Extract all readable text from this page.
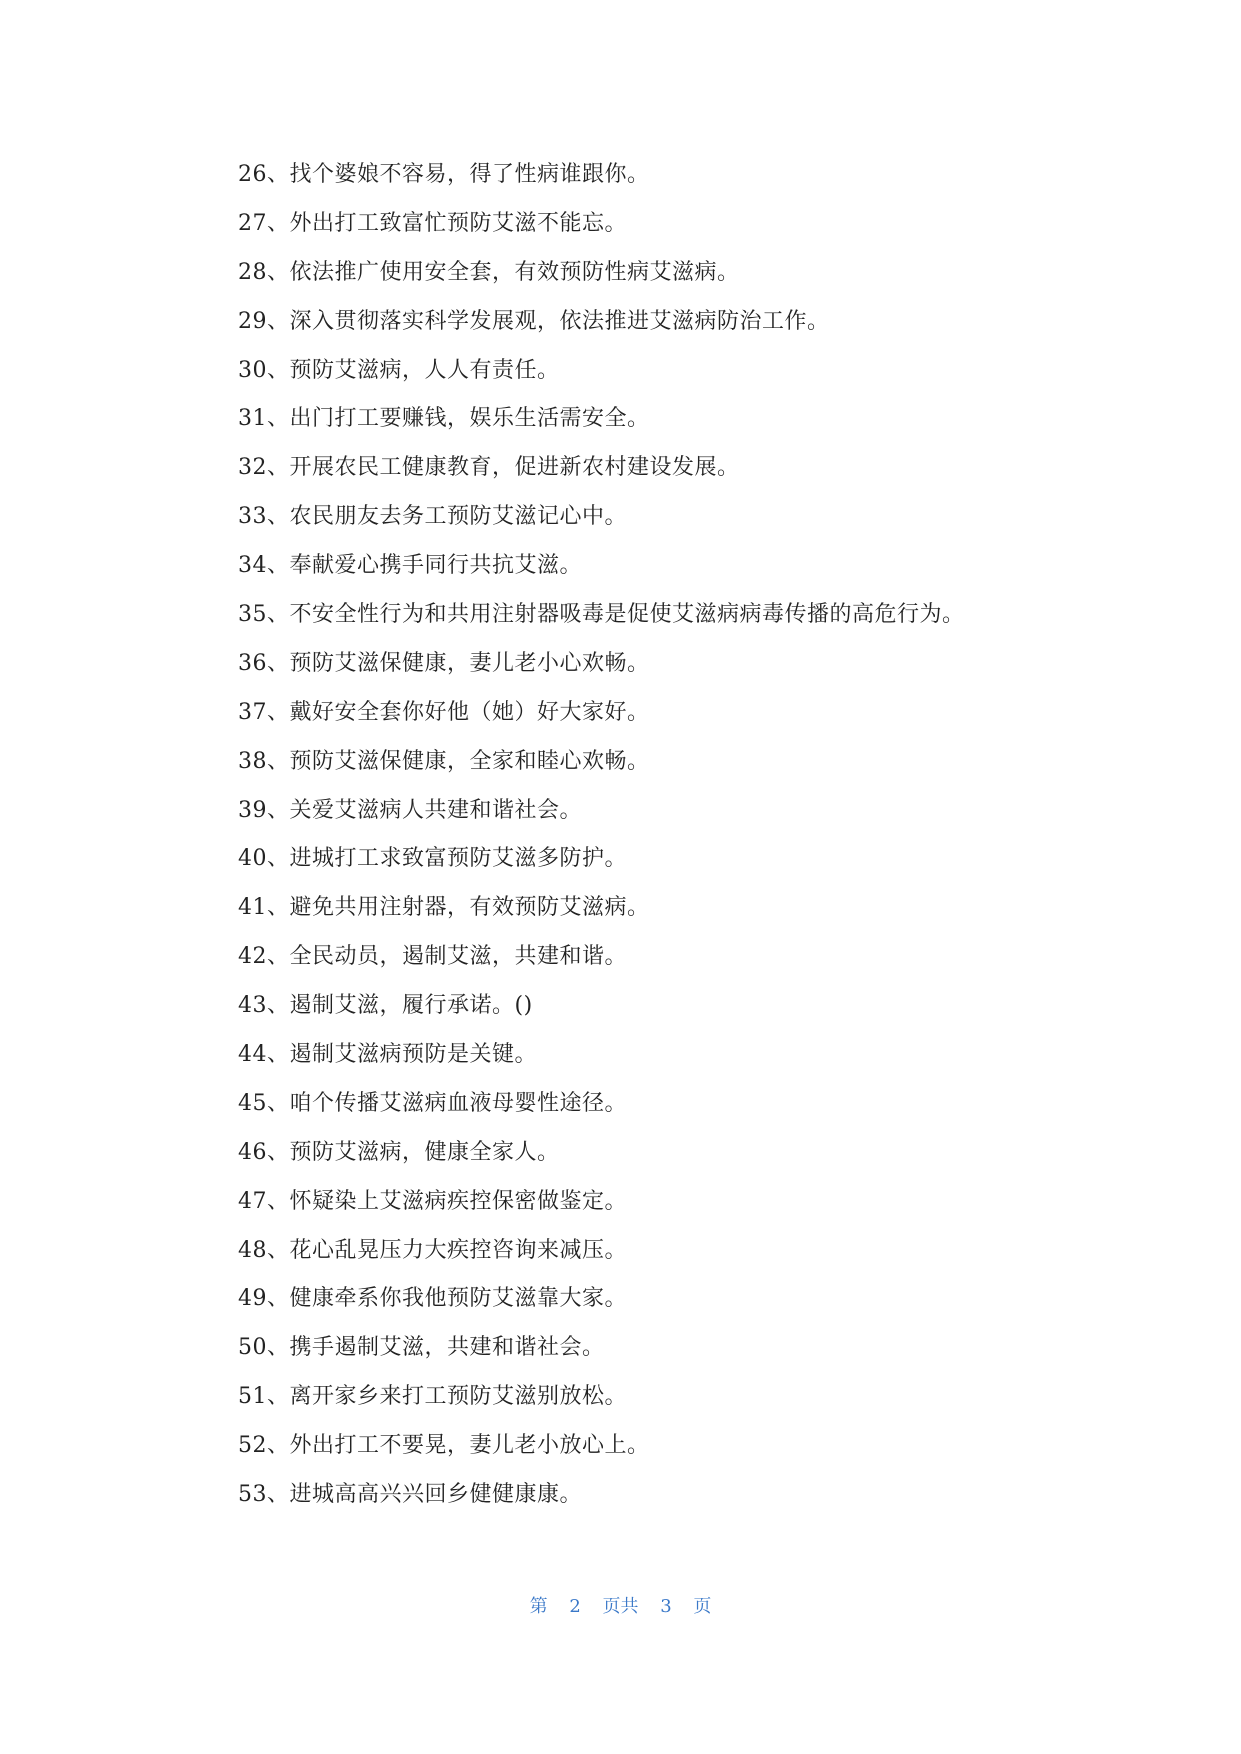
26、找个婆娘不容易，得了性病谁跟你。
27、外出打工致富忙预防艾滋不能忘。
28、依法推广使用安全套，有效预防性病艾滋病。
29、深入贯彻落实科学发展观，依法推进艾滋病防治工作。
30、预防艾滋病，人人有责任。
31、出门打工要赚钱，娱乐生活需安全。
32、开展农民工健康教育，促进新农村建设发展。
33、农民朋友去务工预防艾滋记心中。
34、奉献爱心携手同行共抗艾滋。
35、不安全性行为和共用注射器吸毒是促使艾滋病病毒传播的高危行为。
36、预防艾滋保健康，妻儿老小心欢畅。
37、戴好安全套你好他（她）好大家好。
38、预防艾滋保健康，全家和睦心欢畅。
39、关爱艾滋病人共建和谐社会。
40、进城打工求致富预防艾滋多防护。
41、避免共用注射器，有效预防艾滋病。
42、全民动员，遏制艾滋，共建和谐。
43、遏制艾滋，履行承诺。()
44、遏制艾滋病预防是关键。
45、咱个传播艾滋病血液母婴性途径。
46、预防艾滋病，健康全家人。
47、怀疑染上艾滋病疾控保密做鉴定。
48、花心乱晃压力大疾控咨询来减压。
49、健康牵系你我他预防艾滋靠大家。
50、携手遏制艾滋，共建和谐社会。
51、离开家乡来打工预防艾滋别放松。
52、外出打工不要晃，妻儿老小放心上。
53、进城高高兴兴回乡健健康康。
第 2 页共 3 页
